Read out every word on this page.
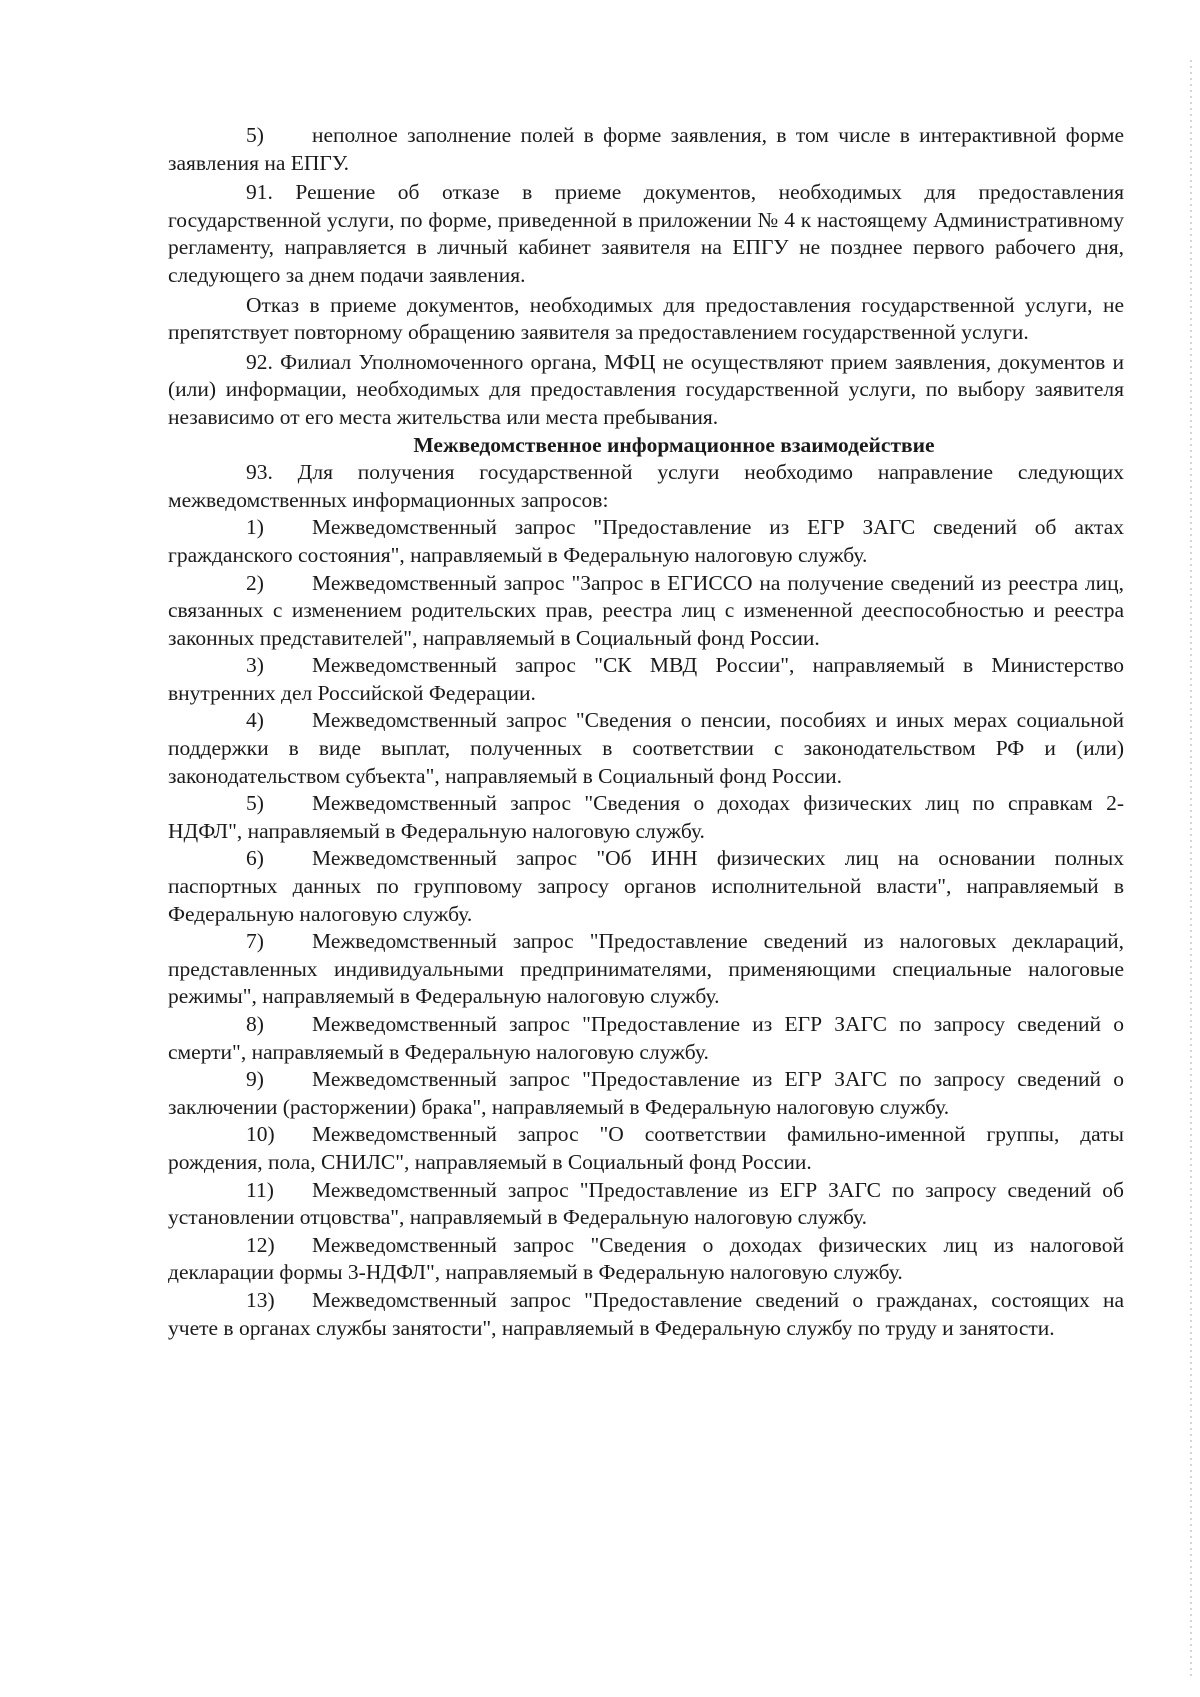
5) неполное заполнение полей в форме заявления, в том числе в интерактивной форме заявления на ЕПГУ.

91. Решение об отказе в приеме документов, необходимых для предоставления государственной услуги, по форме, приведенной в приложении № 4 к настоящему Административному регламенту, направляется в личный кабинет заявителя на ЕПГУ не позднее первого рабочего дня, следующего за днем подачи заявления.

Отказ в приеме документов, необходимых для предоставления государственной услуги, не препятствует повторному обращению заявителя за предоставлением государственной услуги.

92. Филиал Уполномоченного органа, МФЦ не осуществляют прием заявления, документов и (или) информации, необходимых для предоставления государственной услуги, по выбору заявителя независимо от его места жительства или места пребывания.

Межведомственное информационное взаимодействие

93. Для получения государственной услуги необходимо направление следующих межведомственных информационных запросов:

1) Межведомственный запрос "Предоставление из ЕГР ЗАГС сведений об актах гражданского состояния", направляемый в Федеральную налоговую службу.

2) Межведомственный запрос "Запрос в ЕГИССО на получение сведений из реестра лиц, связанных с изменением родительских прав, реестра лиц с измененной дееспособностью и реестра законных представителей", направляемый в Социальный фонд России.

3) Межведомственный запрос "СК МВД России", направляемый в Министерство внутренних дел Российской Федерации.

4) Межведомственный запрос "Сведения о пенсии, пособиях и иных мерах социальной поддержки в виде выплат, полученных в соответствии с законодательством РФ и (или) законодательством субъекта", направляемый в Социальный фонд России.

5) Межведомственный запрос "Сведения о доходах физических лиц по справкам 2-НДФЛ", направляемый в Федеральную налоговую службу.

6) Межведомственный запрос "Об ИНН физических лиц на основании полных паспортных данных по групповому запросу органов исполнительной власти", направляемый в Федеральную налоговую службу.

7) Межведомственный запрос "Предоставление сведений из налоговых деклараций, представленных индивидуальными предпринимателями, применяющими специальные налоговые режимы", направляемый в Федеральную налоговую службу.

8) Межведомственный запрос "Предоставление из ЕГР ЗАГС по запросу сведений о смерти", направляемый в Федеральную налоговую службу.

9) Межведомственный запрос "Предоставление из ЕГР ЗАГС по запросу сведений о заключении (расторжении) брака", направляемый в Федеральную налоговую службу.

10) Межведомственный запрос "О соответствии фамильно-именной группы, даты рождения, пола, СНИЛС", направляемый в Социальный фонд России.

11) Межведомственный запрос "Предоставление из ЕГР ЗАГС по запросу сведений об установлении отцовства", направляемый в Федеральную налоговую службу.

12) Межведомственный запрос "Сведения о доходах физических лиц из налоговой декларации формы 3-НДФЛ", направляемый в Федеральную налоговую службу.

13) Межведомственный запрос "Предоставление сведений о гражданах, состоящих на учете в органах службы занятости", направляемый в Федеральную службу по труду и занятости.
